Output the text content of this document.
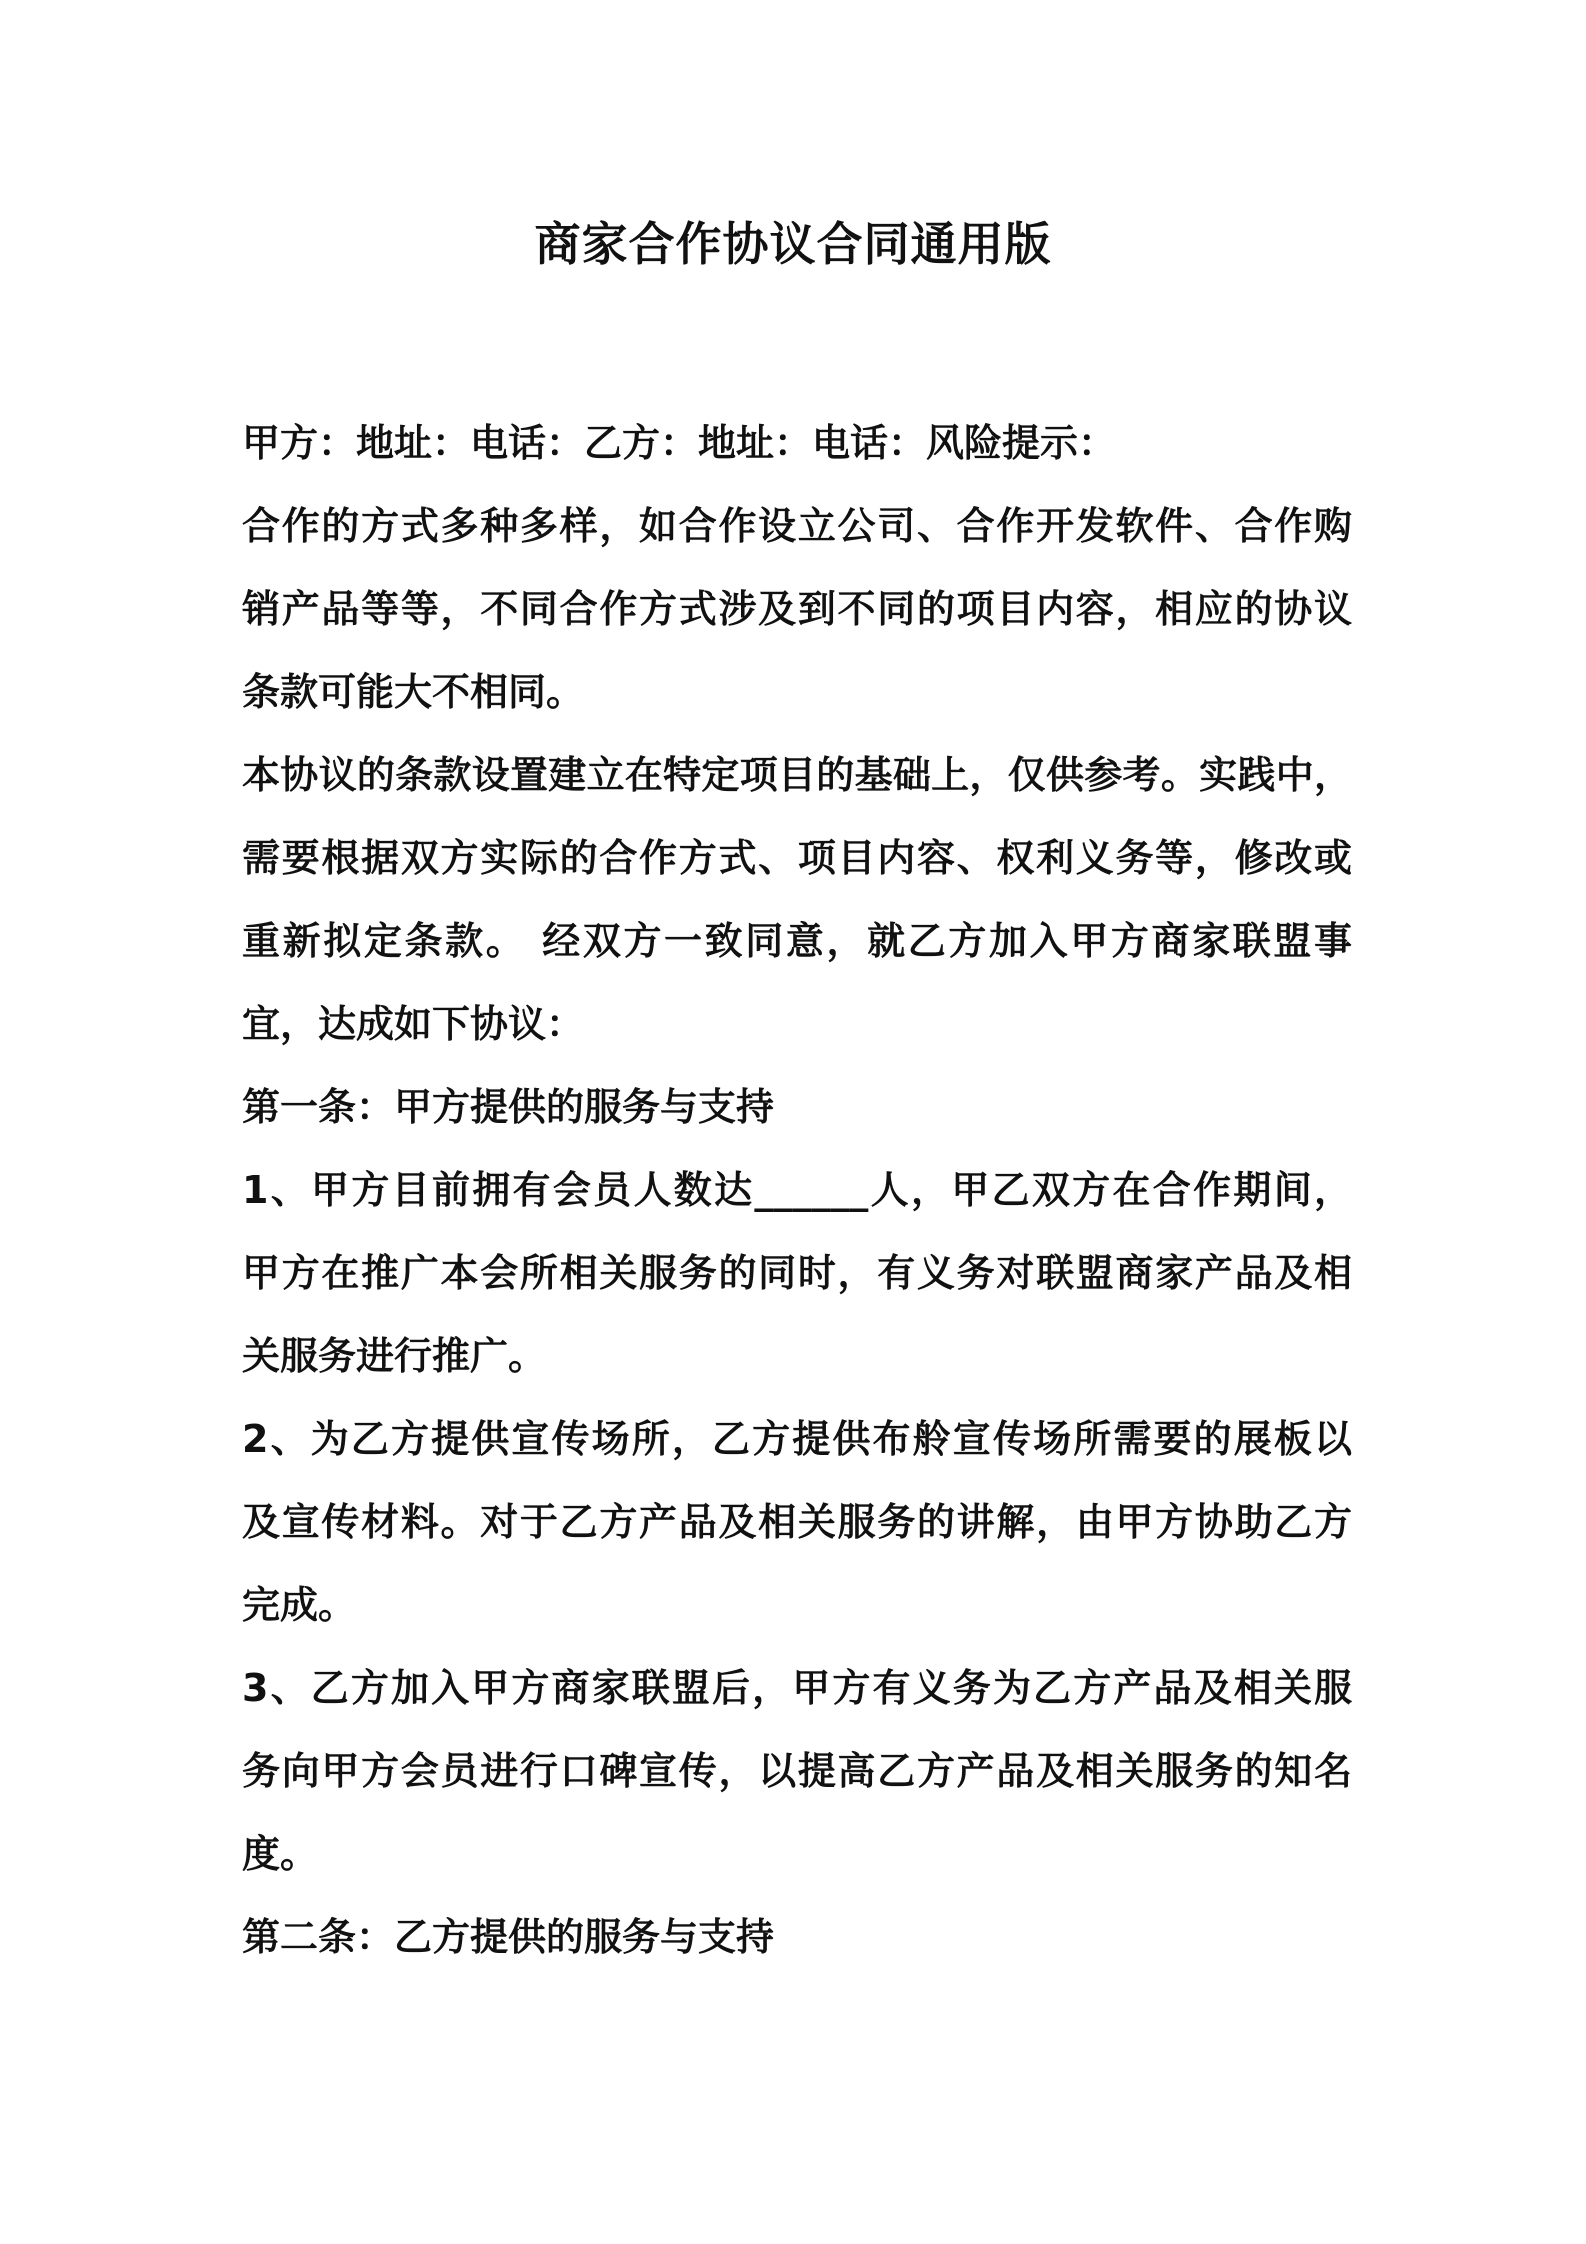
商家合作协议合同通用版
甲方：地址：电话：乙方：地址：电话：风险提示：
合作的方式多种多样，如合作设立公司、合作开发软件、合作购
销产品等等，不同合作方式涉及到不同的项目内容，相应的协议
条款可能大不相同。
本协议的条款设置建立在特定项目的基础上，仅供参考。实践中，
需要根据双方实际的合作方式、项目内容、权利义务等，修改或
重新拟定条款。 经双方一致同意，就乙方加入甲方商家联盟事
宜，达成如下协议：
第一条：甲方提供的服务与支持
1、甲方目前拥有会员人数达______人，甲乙双方在合作期间，
甲方在推广本会所相关服务的同时，有义务对联盟商家产品及相
关服务进行推广。
2、为乙方提供宣传场所，乙方提供布舲宣传场所需要的展板以
及宣传材料。对于乙方产品及相关服务的讲解，由甲方协助乙方
完成。
3、乙方加入甲方商家联盟后，甲方有义务为乙方产品及相关服
务向甲方会员进行口碑宣传，以提高乙方产品及相关服务的知名
度。
第二条：乙方提供的服务与支持
